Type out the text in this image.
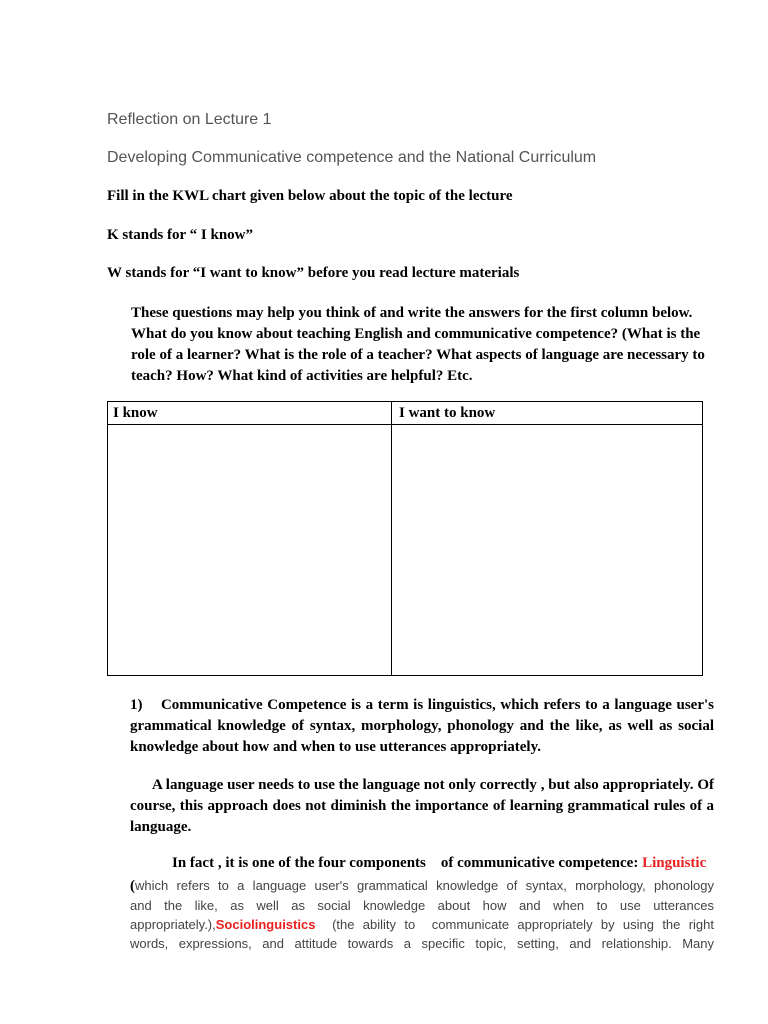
Reflection on Lecture 1
Developing Communicative competence and the National Curriculum
Fill in the KWL chart given below about the topic of the lecture
K stands for “ I know”
W stands for “I want to know” before you read lecture materials
These questions may help you think of and write the answers for the first column below.
What do you know about teaching English and communicative competence? (What is the
role of a learner? What is the role of a teacher? What aspects of language are necessary to
teach? How? What kind of activities are helpful? Etc.
I know	I want to know
1)    Communicative Competence is a term is linguistics, which refers to a language user's
grammatical knowledge of syntax, morphology, phonology and the like, as well as social
knowledge about how and when to use utterances appropriately.
A language user needs to use the language not only correctly , but also appropriately. Of
course, this approach does not diminish the importance of learning grammatical rules of a
language.
In fact , it is one of the four components    of communicative competence: Linguistic
(which refers to a language user's grammatical knowledge of syntax, morphology, phonology
and the like, as well as social knowledge about how and when to use utterances
appropriately.),Sociolinguistics  (the ability to  communicate appropriately by using the right
words, expressions, and attitude towards a specific topic, setting, and relationship. Many
